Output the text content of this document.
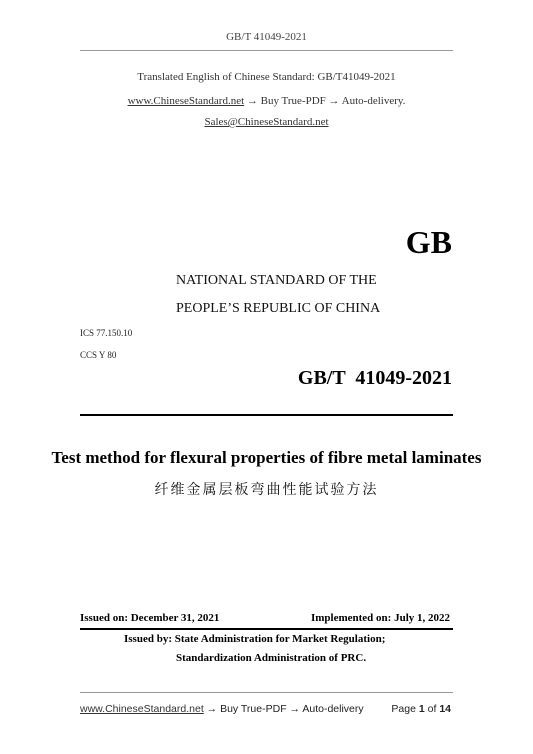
GB/T 41049-2021
Translated English of Chinese Standard: GB/T41049-2021
www.ChineseStandard.net → Buy True-PDF → Auto-delivery.
Sales@ChineseStandard.net
GB
NATIONAL STANDARD OF THE
PEOPLE’S REPUBLIC OF CHINA
ICS 77.150.10
CCS Y 80
GB/T  41049-2021
Test method for flexural properties of fibre metal laminates
纤维金属层板弯曲性能试验方法
Issued on: December 31, 2021	Implemented on: July 1, 2022
Issued by: State Administration for Market Regulation;
Standardization Administration of PRC.
www.ChineseStandard.net → Buy True-PDF → Auto-delivery	Page 1 of 14
